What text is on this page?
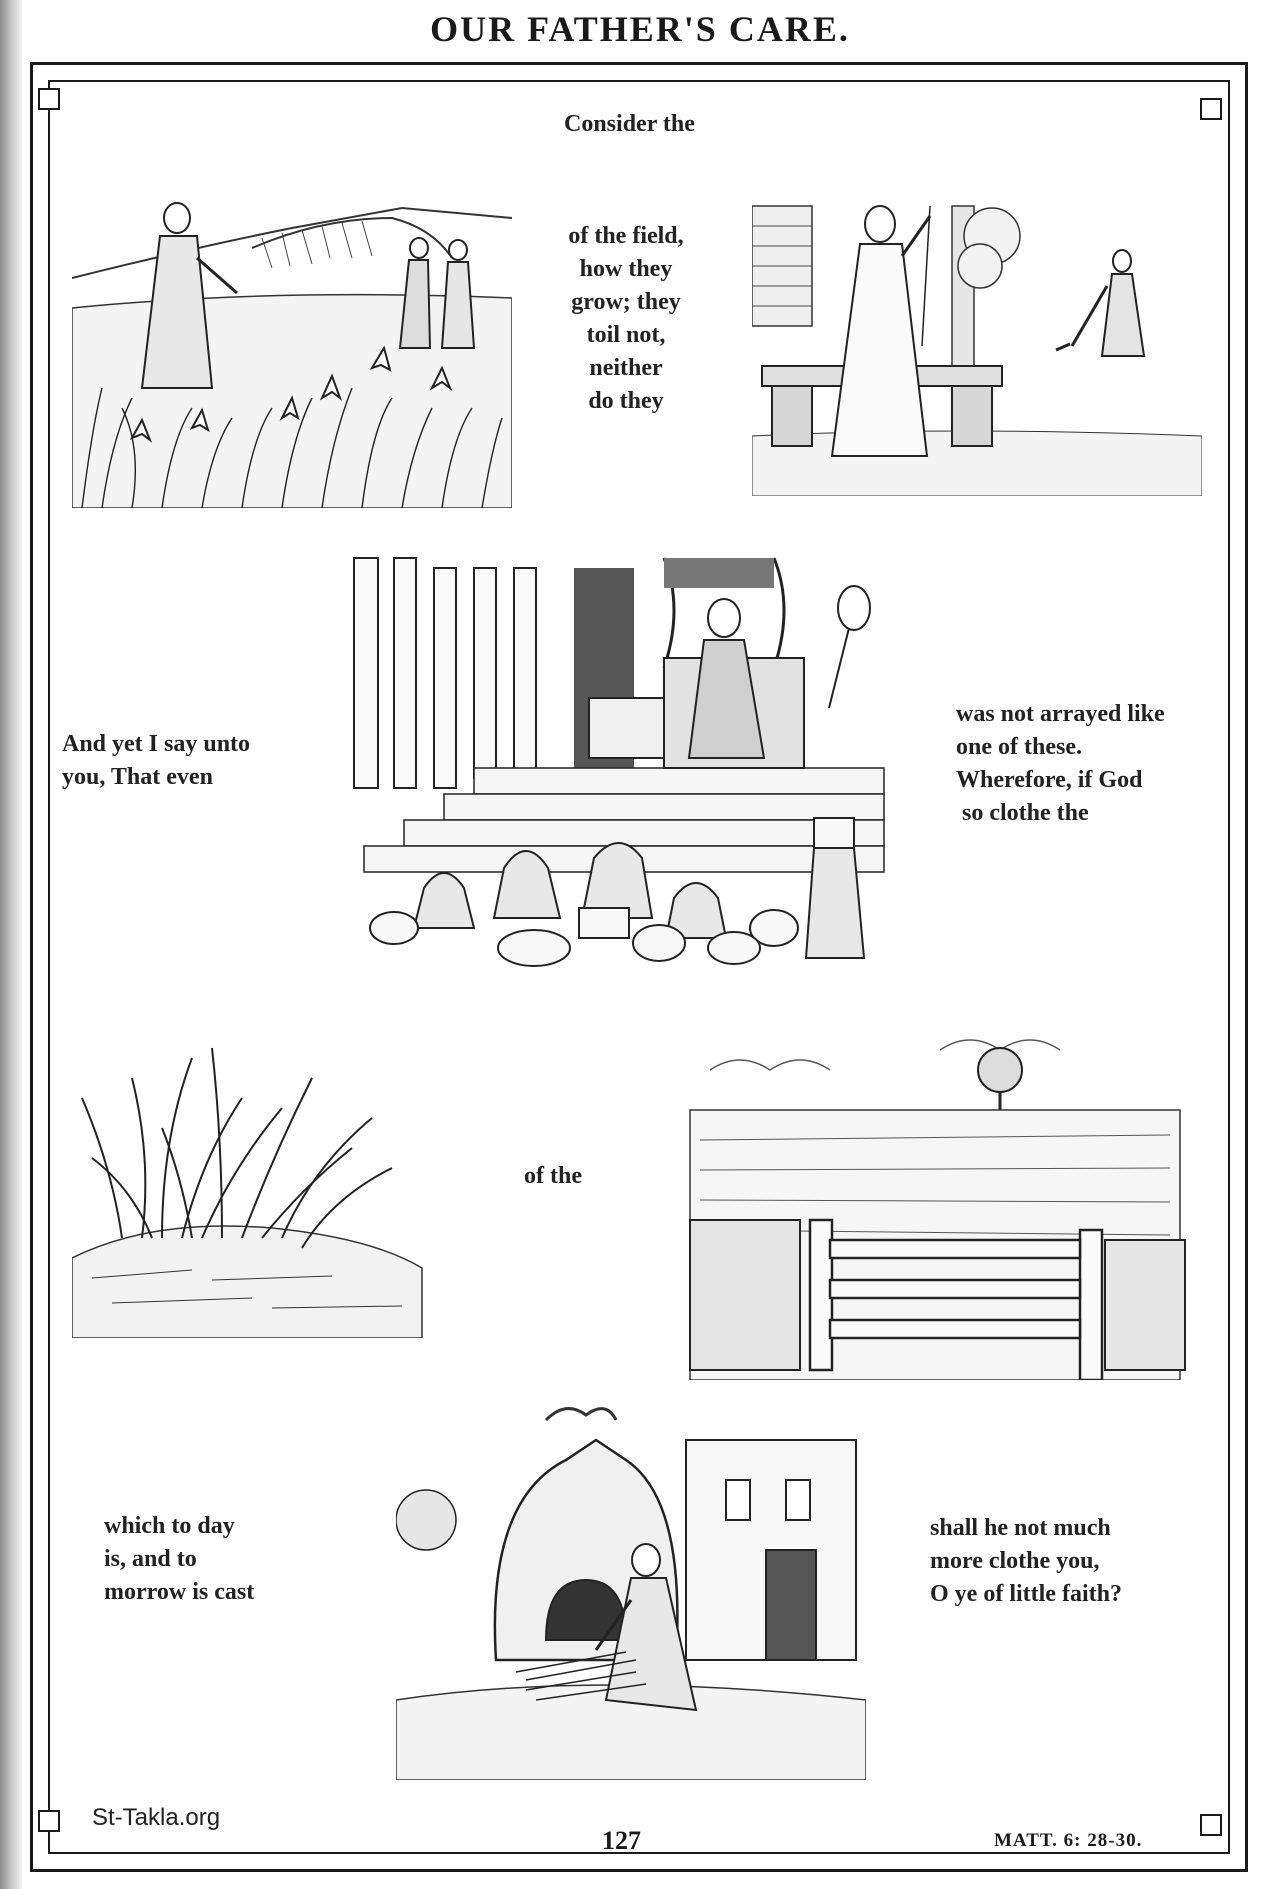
OUR FATHER'S CARE.
Consider the
of the field,
how they
grow; they
toil not,
neither
do they
And yet I say unto
you, That even
was not arrayed like
one of these.
Wherefore, if God
so clothe the
of the
which to day
is, and to
morrow is cast
shall he not much
more clothe you,
O ye of little faith?
St-Takla.org
127	MATT. 6: 28-30.
